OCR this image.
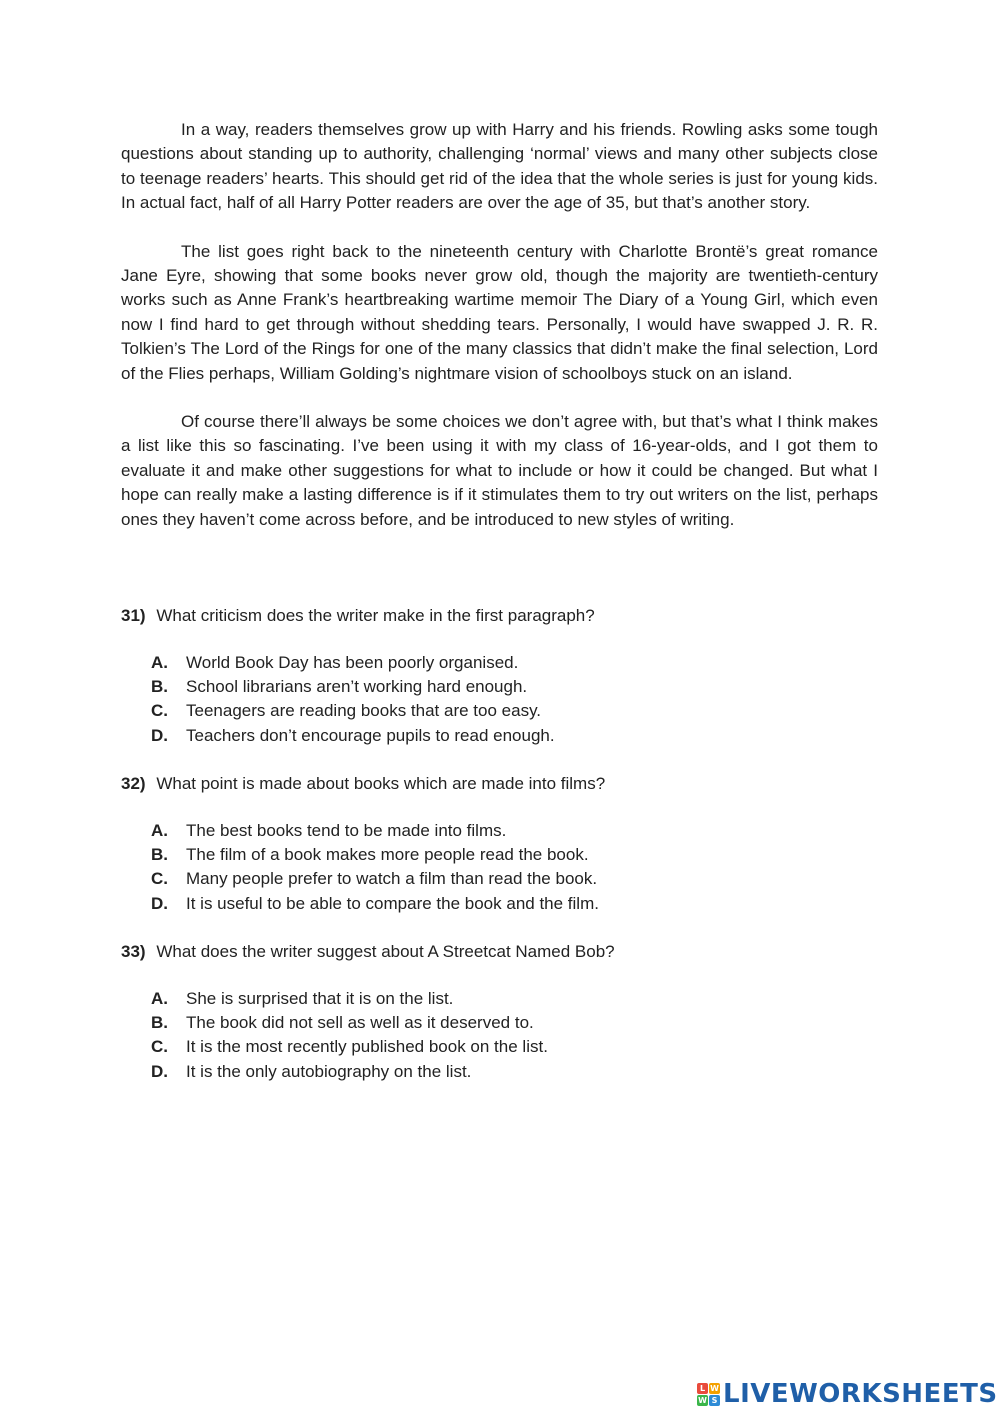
In a way, readers themselves grow up with Harry and his friends. Rowling asks some tough questions about standing up to authority, challenging ‘normal’ views and many other subjects close to teenage readers’ hearts. This should get rid of the idea that the whole series is just for young kids. In actual fact, half of all Harry Potter readers are over the age of 35, but that’s another story.

The list goes right back to the nineteenth century with Charlotte Brontë’s great romance Jane Eyre, showing that some books never grow old, though the majority are twentieth-century works such as Anne Frank’s heartbreaking wartime memoir The Diary of a Young Girl, which even now I find hard to get through without shedding tears. Personally, I would have swapped J. R. R. Tolkien’s The Lord of the Rings for one of the many classics that didn’t make the final selection, Lord of the Flies perhaps, William Golding’s nightmare vision of schoolboys stuck on an island.

Of course there’ll always be some choices we don’t agree with, but that’s what I think makes a list like this so fascinating. I’ve been using it with my class of 16-year-olds, and I got them to evaluate it and make other suggestions for what to include or how it could be changed. But what I hope can really make a lasting difference is if it stimulates them to try out writers on the list, perhaps ones they haven’t come across before, and be introduced to new styles of writing.

31) What criticism does the writer make in the first paragraph?

A.	World Book Day has been poorly organised.
B.	School librarians aren’t working hard enough.
C.	Teenagers are reading books that are too easy.
D.	Teachers don’t encourage pupils to read enough.

32) What point is made about books which are made into films?

A.	The best books tend to be made into films.
B.	The film of a book makes more people read the book.
C.	Many people prefer to watch a film than read the book.
D.	It is useful to be able to compare the book and the film.

33) What does the writer suggest about A Streetcat Named Bob?

A.	She is surprised that it is on the list.
B.	The book did not sell as well as it deserved to.
C.	It is the most recently published book on the list.
D.	It is the only autobiography on the list.
L W
W S LIVEWORKSHEETS
